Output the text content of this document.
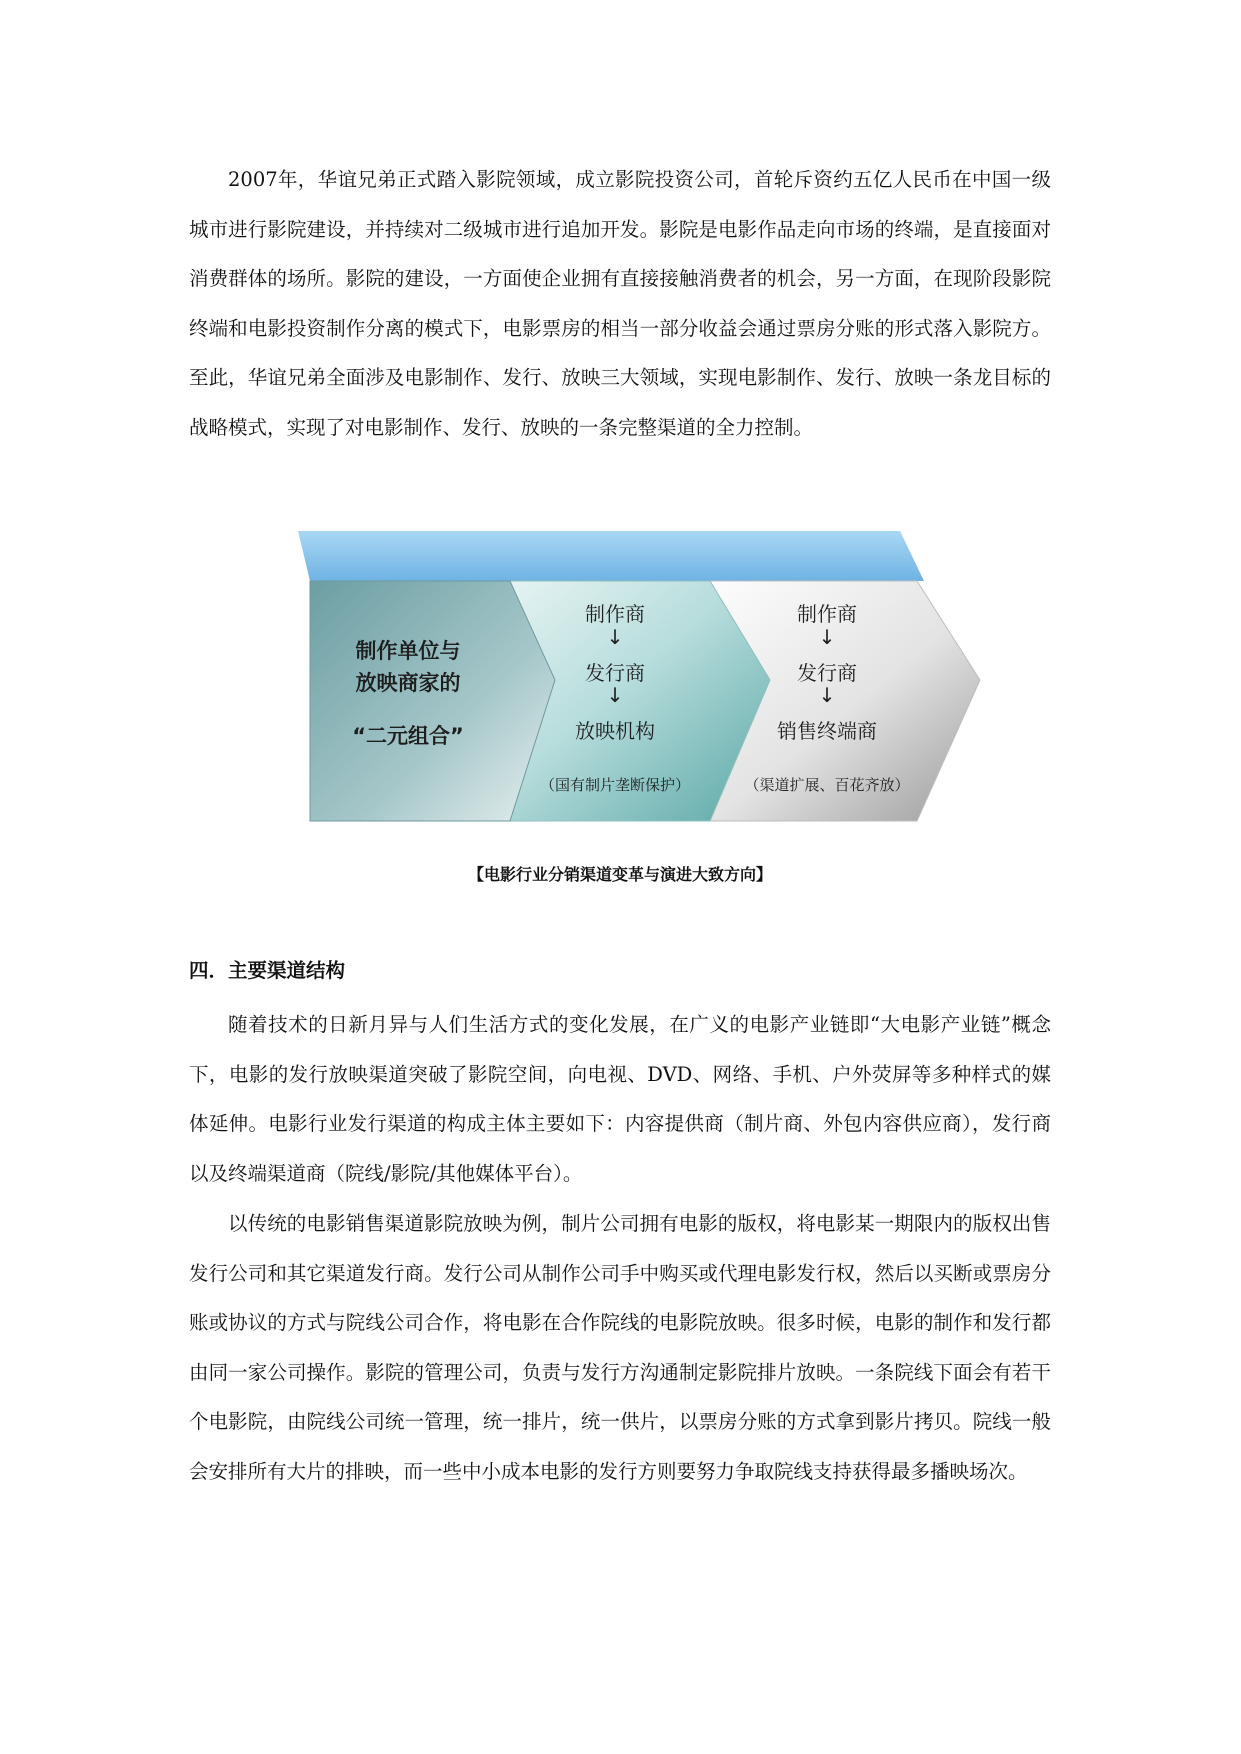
2007年，华谊兄弟正式踏入影院领域，成立影院投资公司，首轮斥资约五亿人民币在中国一级城市进行影院建设，并持续对二级城市进行追加开发。影院是电影作品走向市场的终端，是直接面对消费群体的场所。影院的建设，一方面使企业拥有直接接触消费者的机会，另一方面，在现阶段影院终端和电影投资制作分离的模式下，电影票房的相当一部分收益会通过票房分账的形式落入影院方。至此，华谊兄弟全面涉及电影制作、发行、放映三大领域，实现电影制作、发行、放映一条龙目标的战略模式，实现了对电影制作、发行、放映的一条完整渠道的全力控制。

制作单位与
放映商家的
“二元组合”
制作商
↓
发行商
↓
放映机构
（国有制片垄断保护）
制作商
↓
发行商
↓
销售终端商
（渠道扩展、百花齐放）
【电影行业分销渠道变革与演进大致方向】
四．主要渠道结构

随着技术的日新月异与人们生活方式的变化发展，在广义的电影产业链即“大电影产业链”概念下，电影的发行放映渠道突破了影院空间，向电视、DVD、网络、手机、户外荧屏等多种样式的媒体延伸。电影行业发行渠道的构成主体主要如下：内容提供商（制片商、外包内容供应商），发行商以及终端渠道商（院线/影院/其他媒体平台）。

以传统的电影销售渠道影院放映为例，制片公司拥有电影的版权，将电影某一期限内的版权出售发行公司和其它渠道发行商。发行公司从制作公司手中购买或代理电影发行权，然后以买断或票房分账或协议的方式与院线公司合作，将电影在合作院线的电影院放映。很多时候，电影的制作和发行都由同一家公司操作。影院的管理公司，负责与发行方沟通制定影院排片放映。一条院线下面会有若干个电影院，由院线公司统一管理，统一排片，统一供片，以票房分账的方式拿到影片拷贝。院线一般会安排所有大片的排映，而一些中小成本电影的发行方则要努力争取院线支持获得最多播映场次。
